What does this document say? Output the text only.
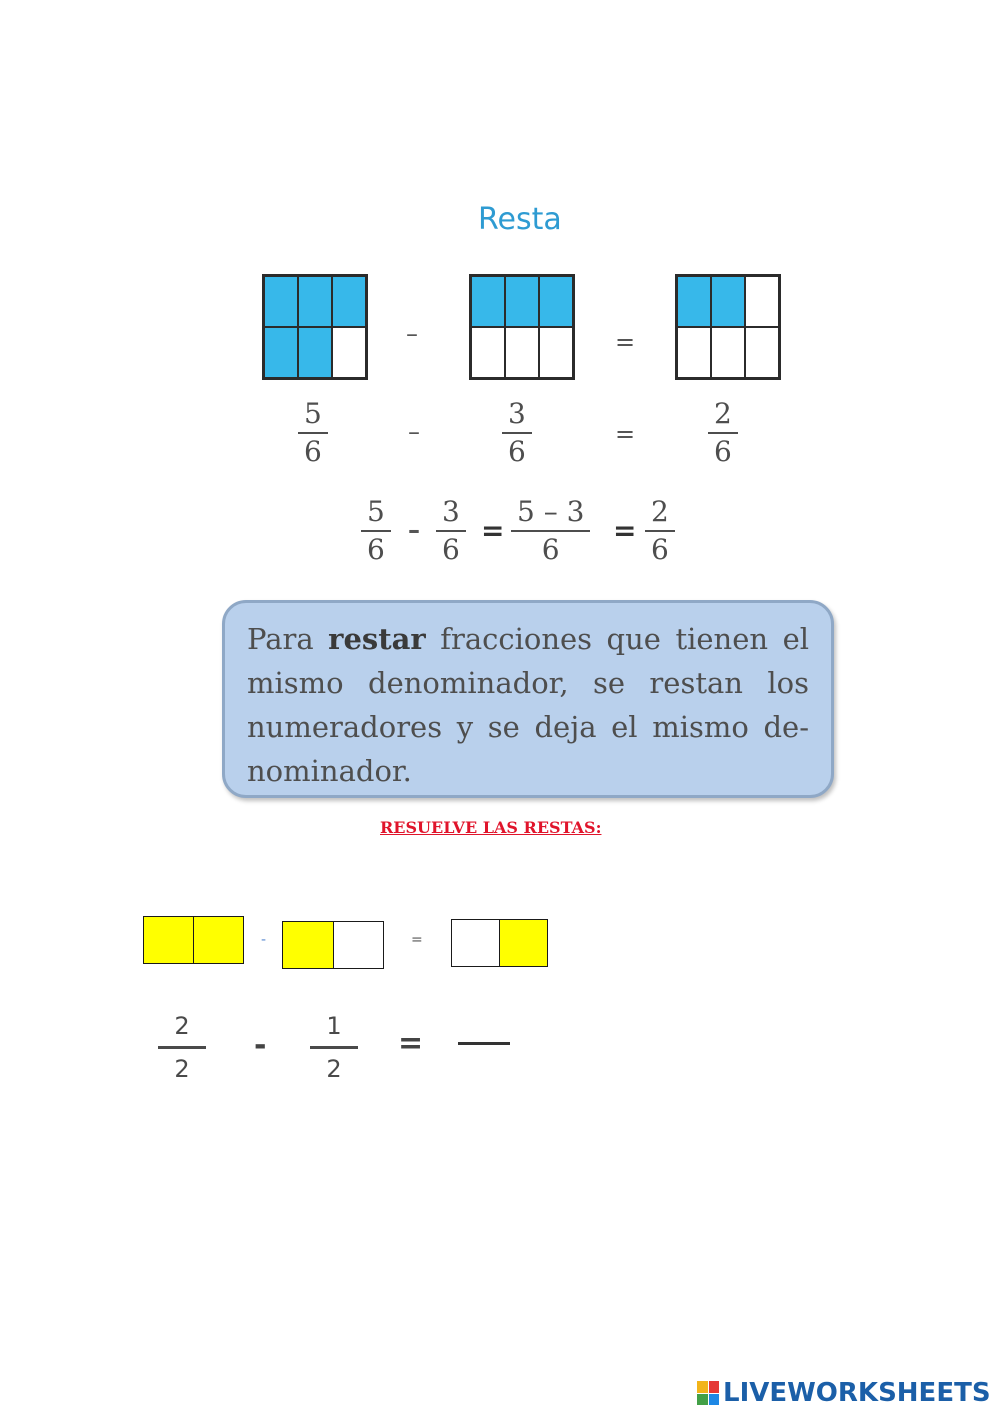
Resta
–	=
5
6
–
3
6
=
2
6
5
6
–
3
6
=
5 – 3
6
=
2
6
Para restar fracciones que tienen el mismo denominador, se restan los numeradores y se deja el mismo de-nominador.
RESUELVE LAS RESTAS:
-	=
2
2
-
1
2
=
LIVEWORKSHEETS
